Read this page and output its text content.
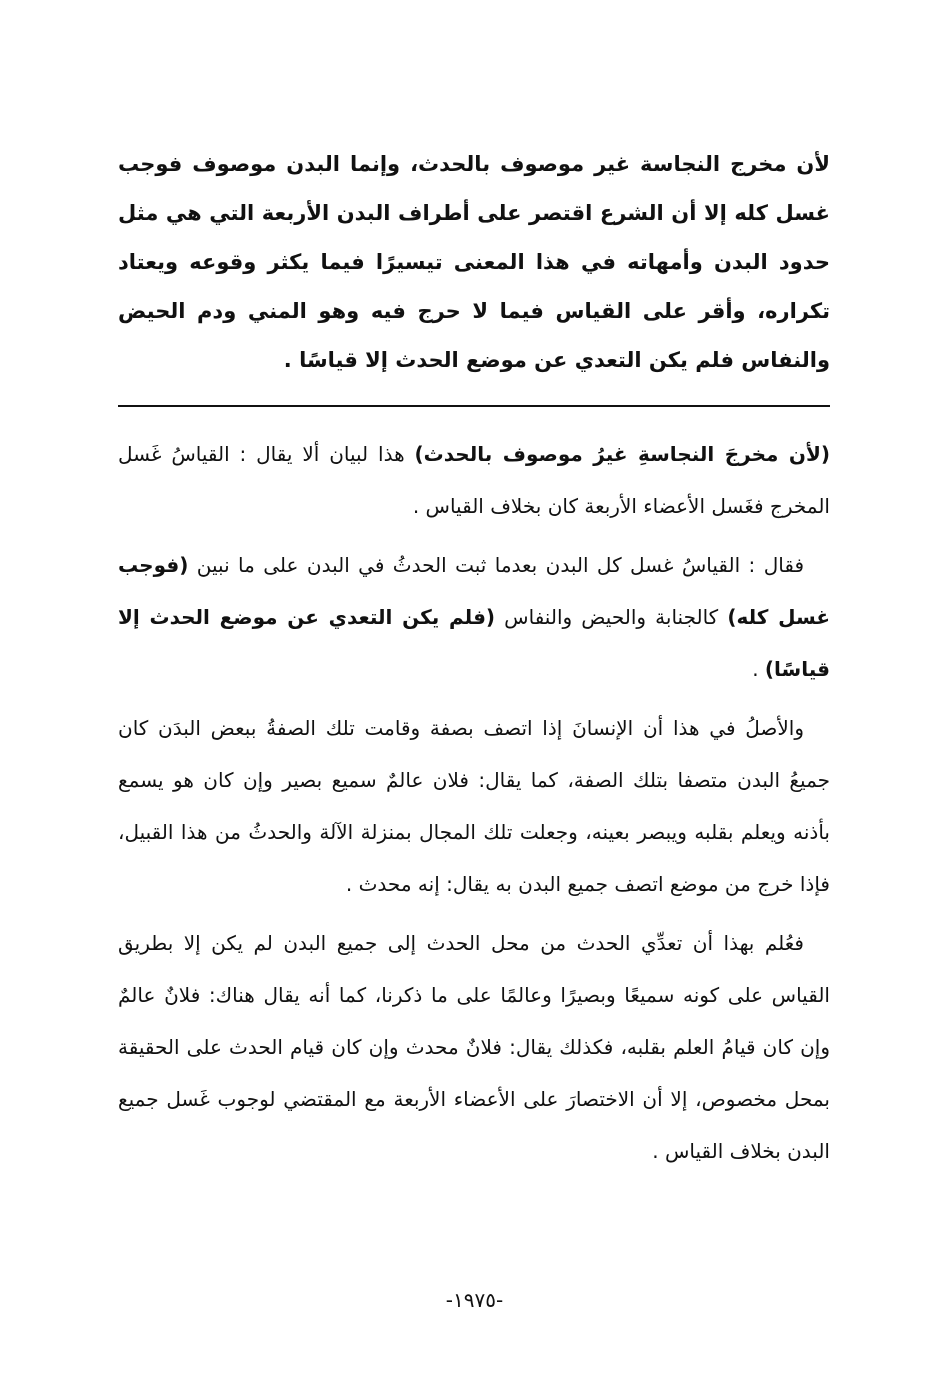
لأن مخرج النجاسة غير موصوف بالحدث، وإنما البدن موصوف فوجب غسل كله إلا أن الشرع اقتصر على أطراف البدن الأربعة التي هي مثل حدود البدن وأمهاته في هذا المعنى تيسيرًا فيما يكثر وقوعه ويعتاد تكراره، وأقر على القياس فيما لا حرج فيه وهو المني ودم الحيض والنفاس فلم يكن التعدي عن موضع الحدث إلا قياسًا .

(لأن مخرجَ النجاسةِ غيرُ موصوف بالحدث) هذا لبيان ألا يقال : القياسُ غَسل المخرج فغَسل الأعضاء الأربعة كان بخلاف القياس .

فقال : القياسُ غسل كل البدن بعدما ثبت الحدثُ في البدن على ما نبين (فوجب غسل كله) كالجنابة والحيض والنفاس (فلم يكن التعدي عن موضع الحدث إلا قياسًا) .

والأصلُ في هذا أن الإنسانَ إذا اتصف بصفة وقامت تلك الصفةُ ببعض البدَن كان جميعُ البدن متصفا بتلك الصفة، كما يقال: فلان عالمٌ سميع بصير وإن كان هو يسمع بأذنه ويعلم بقلبه ويبصر بعينه، وجعلت تلك المجال بمنزلة الآلة والحدثُ من هذا القبيل، فإذا خرج من موضع اتصف جميع البدن به يقال: إنه محدث .

فعُلم بهذا أن تعدِّي الحدث من محل الحدث إلى جميع البدن لم يكن إلا بطريق القياس على كونه سميعًا وبصيرًا وعالمًا على ما ذكرنا، كما أنه يقال هناك: فلانٌ عالمٌ وإن كان قيامُ العلم بقلبه، فكذلك يقال: فلانٌ محدث وإن كان قيام الحدث على الحقيقة بمحل مخصوص، إلا أن الاختصارَ على الأعضاء الأربعة مع المقتضي لوجوب غَسل جميع البدن بخلاف القياس .

-١٩٧٥-
